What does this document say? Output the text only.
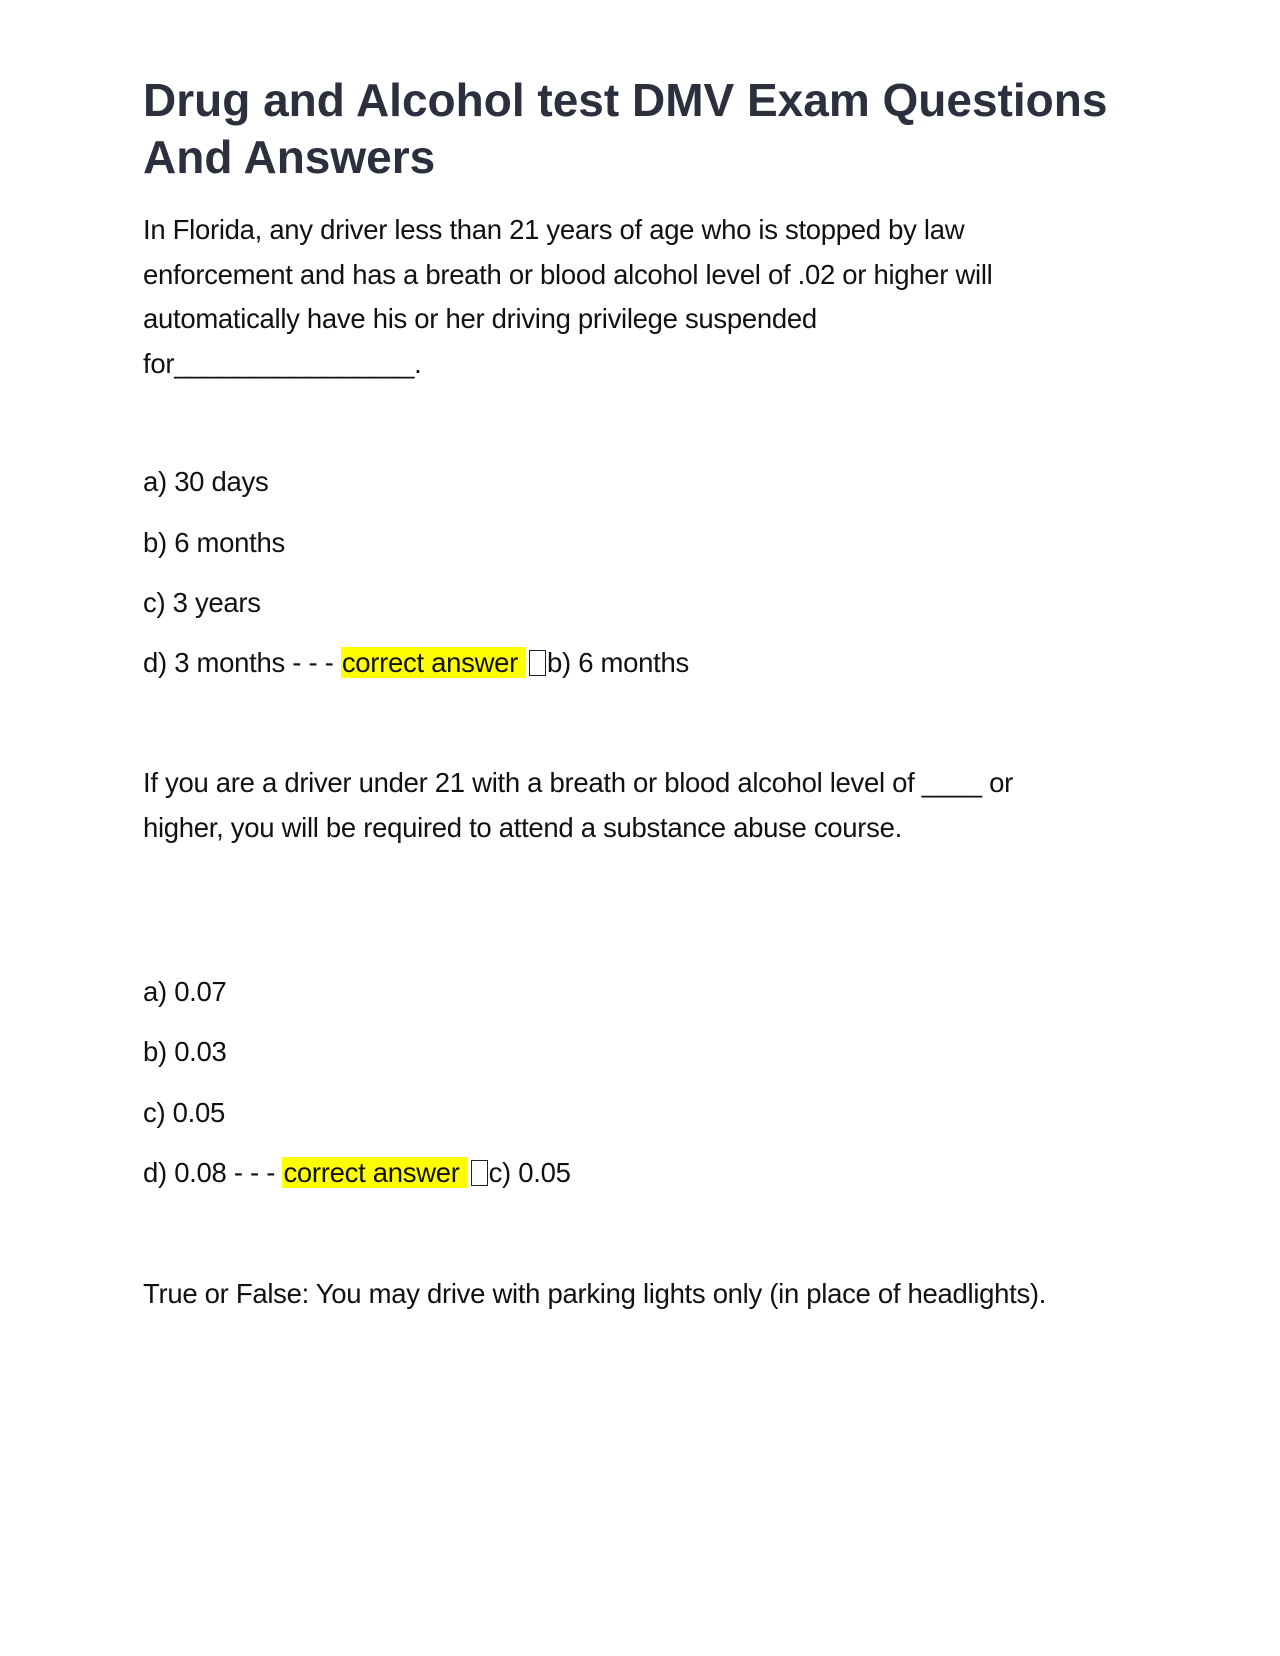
Drug and Alcohol test DMV Exam Questions And Answers

In Florida, any driver less than 21 years of age who is stopped by law enforcement and has a breath or blood alcohol level of .02 or higher will automatically have his or her driving privilege suspended for________________.

a) 30 days

b) 6 months

c) 3 years

d) 3 months - - - correct answer b) 6 months

If you are a driver under 21 with a breath or blood alcohol level of ____ or higher, you will be required to attend a substance abuse course.

a) 0.07

b) 0.03

c) 0.05

d) 0.08 - - - correct answer c) 0.05

True or False: You may drive with parking lights only (in place of headlights).
